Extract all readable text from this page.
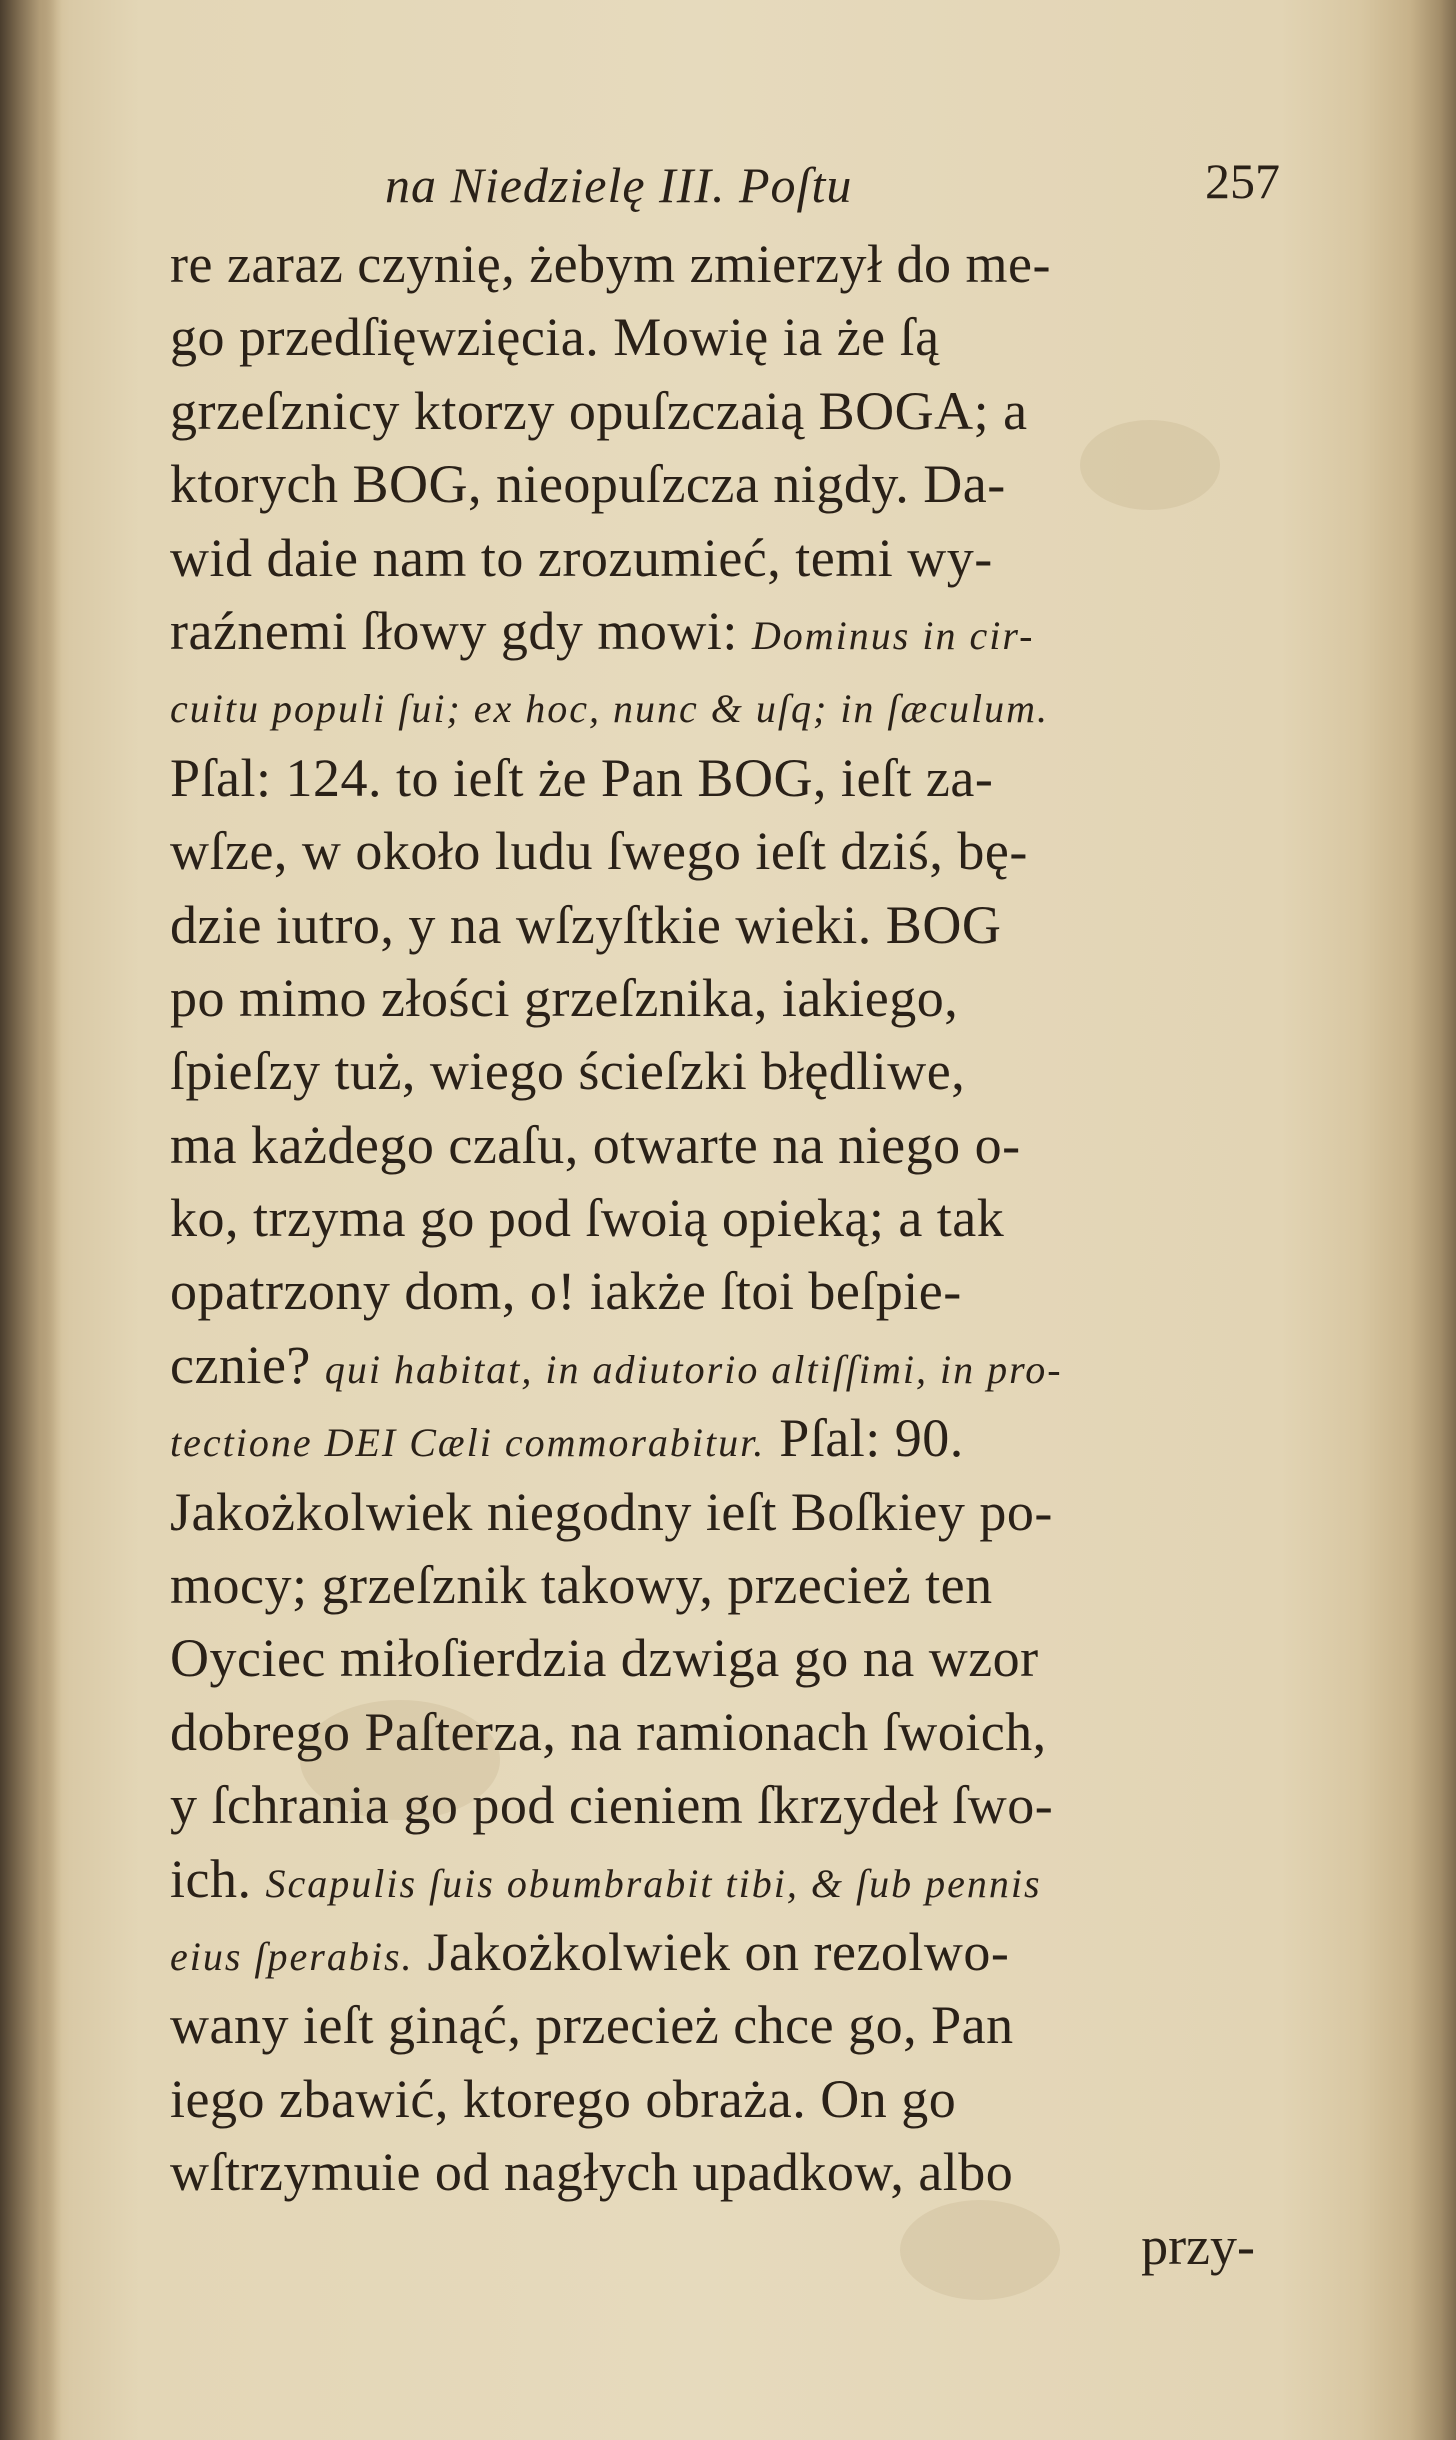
na Niedzielę III. Poſtu	257
re zaraz czynię, żebym zmierzył do me-
go przedſięwzięcia. Mowię ia że ſą
grzeſznicy ktorzy opuſzczaią BOGA; a
ktorych BOG, nieopuſzcza nigdy. Da-
wid daie nam to zrozumieć, temi wy-
raźnemi ſłowy gdy mowi: Dominus in cir-
cuitu populi ſui; ex hoc, nunc & uſq; in ſæculum.
Pſal: 124. to ieſt że Pan BOG, ieſt za-
wſze, w około ludu ſwego ieſt dziś, bę-
dzie iutro, y na wſzyſtkie wieki. BOG
po mimo złości grzeſznika, iakiego,
ſpieſzy tuż, wiego ścieſzki błędliwe,
ma każdego czaſu, otwarte na niego o-
ko, trzyma go pod ſwoią opieką; a tak
opatrzony dom, o! iakże ſtoi beſpie-
cznie? qui habitat, in adiutorio altiſſimi, in pro-
tectione DEI Cæli commorabitur. Pſal: 90.
Jakożkolwiek niegodny ieſt Boſkiey po-
mocy; grzeſznik takowy, przecież ten
Oyciec miłoſierdzia dzwiga go na wzor
dobrego Paſterza, na ramionach ſwoich,
y ſchrania go pod cieniem ſkrzydeł ſwo-
ich. Scapulis ſuis obumbrabit tibi, & ſub pennis
eius ſperabis. Jakożkolwiek on rezolwo-
wany ieſt ginąć, przecież chce go, Pan
iego zbawić, ktorego obraża. On go
wſtrzymuie od nagłych upadkow, albo
przy-
